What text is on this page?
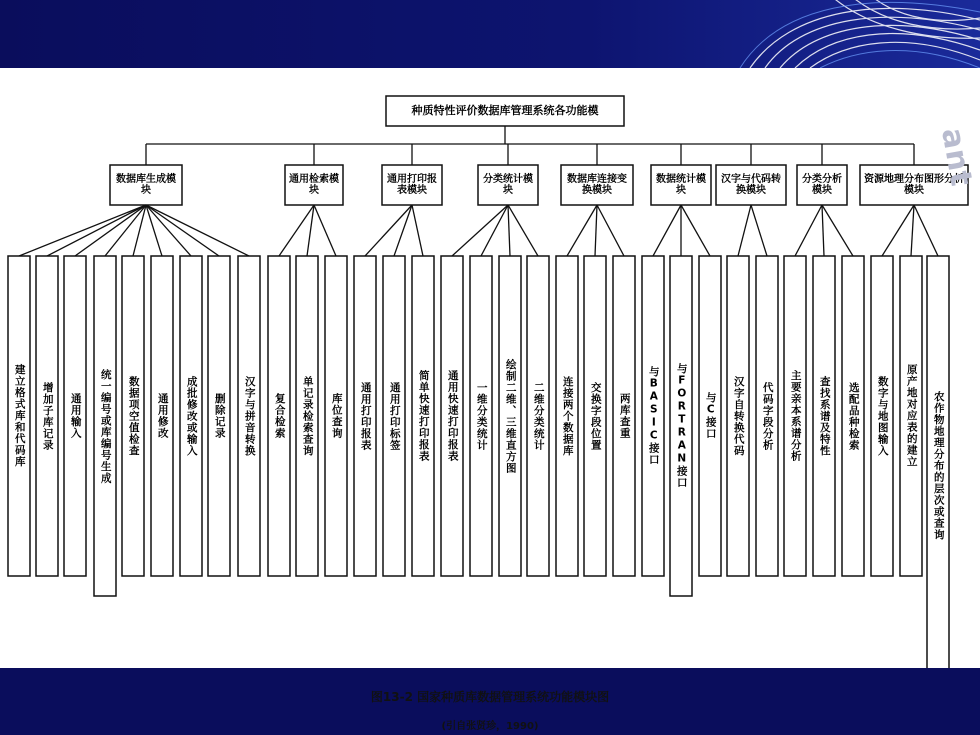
种质特性评价数据库管理系统各功能模
数据库生成模块
建立格式库和代码库	增加子库记录	通用输入	统一编号或库编号生成	数据项空值检查	通用修改	成批修改或输入	删除记录	汉字与拼音转换
通用检索模块
复合检索	单记录检索查询	库位查询
通用打印报表模块
通用打印报表	通用打印标签	简单快速打印报表
分类统计模块
通用快速打印报表	一维分类统计	绘制二维、三维直方图	二维分类统计
数据库连接变换模块
连接两个数据库	交换字段位置	两库查重
数据统计模块
与BASIC接口	与FORTRAN接口	与C接口
汉字与代码转换模块
汉字自转换代码	代码字段分析
分类分析模块
主要亲本系谱分析	查找系谱及特性	选配品种检索
资源地理分布图形分析模块
数字与地图输入	原产地对应表的建立	农作物地理分布的层次或查询
ant
图13-2 国家种质库数据管理系统功能模块图
(引自张贤珍，1990)
